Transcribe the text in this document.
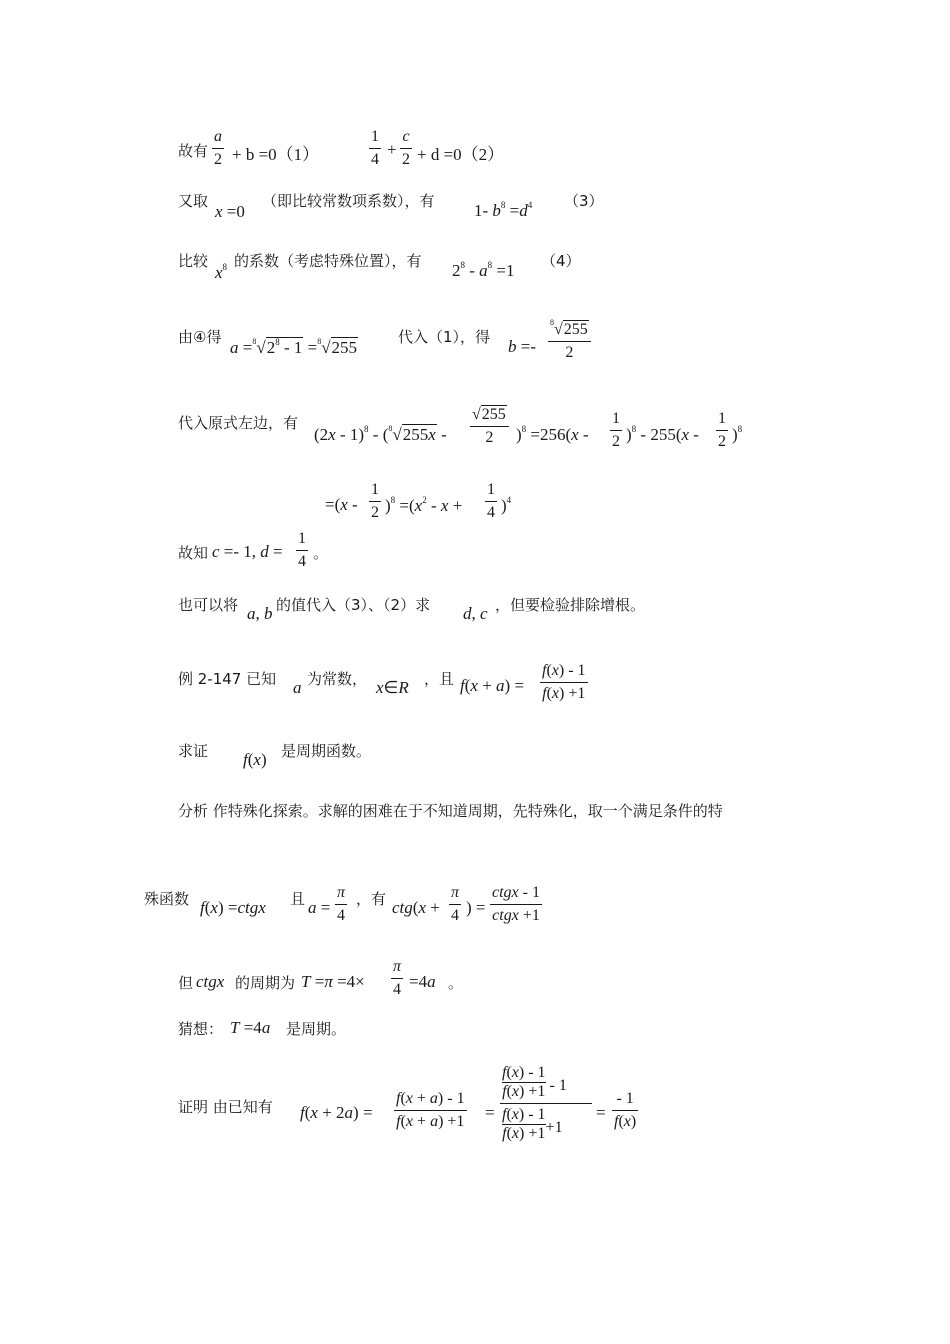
故有
a
2 + b =0（1）
1
4
+
c
2 + d =0（2）
又取
x =0
（即比较常数项系数），有 1- $b^8 =d^4$ （3）
比较
$x^8$ 的系数（考虑特殊位置），有 $2^8 - a^8 =1$ （4）
由④得
$a =^8√2^8 - 1 =^8√255$
代入（1），得 b =-
$^8$√255
2
代入原式左边，有
(2x - 1)$^8$ - ($^8$√255x -
√255
2	)$^8$ =256(x -
1
2 )$^8$ - 255(x -
1
2 )$^8$
=(x -
1
2 )$^8 =(x^2 - x$ +
1
4 )$^4$
故知 c =- 1, d =
1
4 。
也可以将 a, b 的值代入（3）、（2）求 d, c ，但要检验排除增根。
例 2-147 已知 a 为常数， x∈R ，且 f(x + a) =
f(x) - 1
f(x) +1
求证 f(x) 是周期函数。
分析 作特殊化探索。求解的困难在于不知道周期，先特殊化，取一个满足条件的特
殊函数 f(x) =ctgx 且 a =
π
4
，有 ctg(x +
π
4 ) =
ctgx - 1
ctgx +1
但 ctgx 的周期为 T =π =4×
π
4 =4a 。
猜想： T =4a 是周期。
证明 由已知有 f(x + 2a) =
f(x + a) - 1
f(x + a) +1 =
$\frac{f(x) - 1}{f(x) +1} - 1$
$\frac{f(x) - 1}{f(x) +1} +1$
=
- 1
f(x)
